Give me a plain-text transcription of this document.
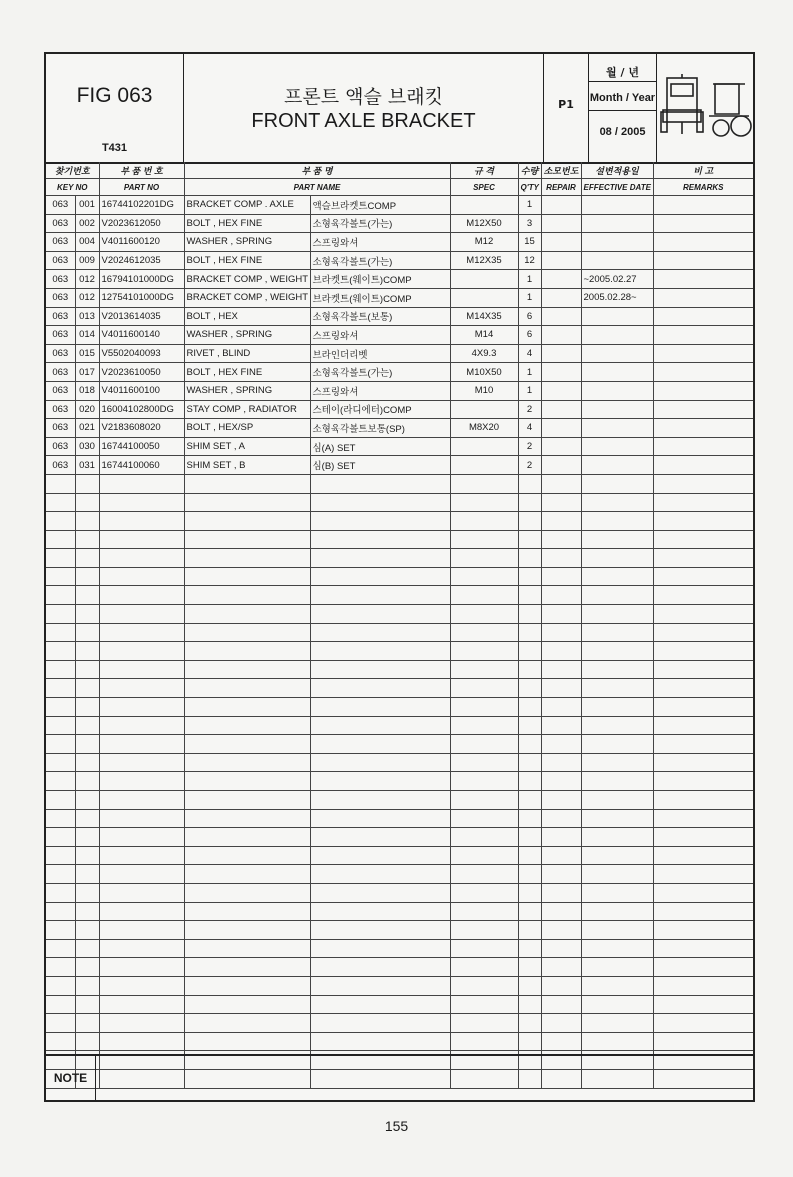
FIG 063
T431
프론트 액슬 브래킷
FRONT AXLE BRACKET
P1
월 / 년
Month / Year
08 / 2005
찾기번호		부 품 번 호	부 품 명		규 격	수량	소모번도	설변적용일	비 고
KEY NO		PART NO	PART NAME		SPEC	Q'TY	REPAIR	EFFECTIVE DATE	REMARKS
063	001	16744102201DG	BRACKET COMP . AXLE	액슬브라켓트COMP		1			
063	002	V2023612050	BOLT , HEX FINE	소형육각볼트(가는)	M12X50	3			
063	004	V4011600120	WASHER , SPRING	스프링와셔	M12	15			
063	009	V2024612035	BOLT , HEX FINE	소형육각볼트(가는)	M12X35	12			
063	012	16794101000DG	BRACKET COMP , WEIGHT	브라켓트(웨이트)COMP		1		~2005.02.27	
063	012	12754101000DG	BRACKET COMP , WEIGHT	브라켓트(웨이트)COMP		1		2005.02.28~	
063	013	V2013614035	BOLT , HEX	소형육각볼트(보통)	M14X35	6			
063	014	V4011600140	WASHER , SPRING	스프링와셔	M14	6			
063	015	V5502040093	RIVET , BLIND	브라인더리벳	4X9.3	4			
063	017	V2023610050	BOLT , HEX FINE	소형육각볼트(가는)	M10X50	1			
063	018	V4011600100	WASHER , SPRING	스프링와셔	M10	1			
063	020	16004102800DG	STAY COMP , RADIATOR	스테이(라디에터)COMP		2			
063	021	V2183608020	BOLT , HEX/SP	소형육각볼트보통(SP)	M8X20	4			
063	030	16744100050	SHIM SET , A	심(A) SET		2			
063	031	16744100060	SHIM SET , B	심(B) SET		2			

NOTE
155
